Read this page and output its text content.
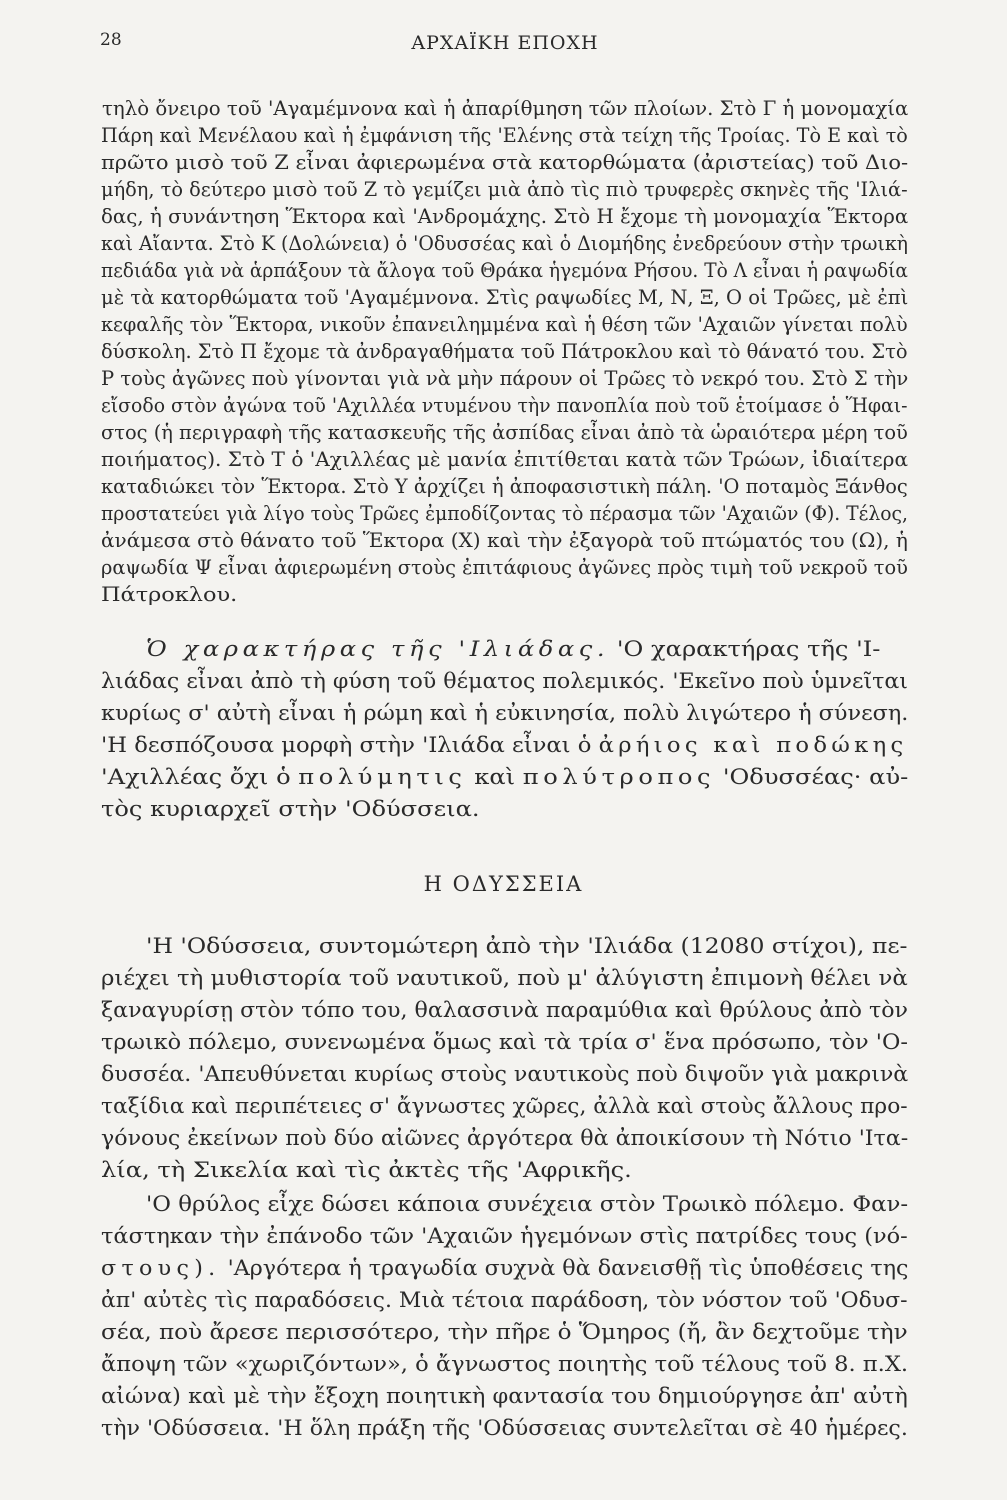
28	ΑΡΧΑΪΚΗ ΕΠΟΧΗ

τηλὸ ὄνειρο τοῦ 'Αγαμέμνονα καὶ ἡ ἀπαρίθμηση τῶν πλοίων. Στὸ Γ ἡ μονομαχία

Πάρη καὶ Μενέλαου καὶ ἡ ἐμφάνιση τῆς 'Ελένης στὰ τείχη τῆς Τροίας. Τὸ Ε καὶ τὸ

πρῶτο μισὸ τοῦ Ζ εἶναι ἀφιερωμένα στὰ κατορθώματα (ἀριστείας) τοῦ Διο-

μήδη, τὸ δεύτερο μισὸ τοῦ Ζ τὸ γεμίζει μιὰ ἀπὸ τὶς πιὸ τρυφερὲς σκηνὲς τῆς 'Ιλιά-

δας, ἡ συνάντηση Ἕκτορα καὶ 'Ανδρομάχης. Στὸ Η ἔχομε τὴ μονομαχία Ἕκτορα

καὶ Αἴαντα. Στὸ Κ (Δολώνεια) ὁ 'Οδυσσέας καὶ ὁ Διομήδης ἐνεδρεύουν στὴν τρωικὴ

πεδιάδα γιὰ νὰ ἁρπάξουν τὰ ἄλογα τοῦ Θράκα ἡγεμόνα Ρήσου. Τὸ Λ εἶναι ἡ ραψωδία

μὲ τὰ κατορθώματα τοῦ 'Αγαμέμνονα. Στὶς ραψωδίες Μ, Ν, Ξ, Ο οἱ Τρῶες, μὲ ἐπὶ

κεφαλῆς τὸν Ἕκτορα, νικοῦν ἐπανειλημμένα καὶ ἡ θέση τῶν 'Αχαιῶν γίνεται πολὺ

δύσκολη. Στὸ Π ἔχομε τὰ ἀνδραγαθήματα τοῦ Πάτροκλου καὶ τὸ θάνατό του. Στὸ

Ρ τοὺς ἀγῶνες ποὺ γίνονται γιὰ νὰ μὴν πάρουν οἱ Τρῶες τὸ νεκρό του. Στὸ Σ τὴν

εἴσοδο στὸν ἀγώνα τοῦ 'Αχιλλέα ντυμένου τὴν πανοπλία ποὺ τοῦ ἑτοίμασε ὁ Ἥφαι-

στος (ἡ περιγραφὴ τῆς κατασκευῆς τῆς ἀσπίδας εἶναι ἀπὸ τὰ ὡραιότερα μέρη τοῦ

ποιήματος). Στὸ Τ ὁ 'Αχιλλέας μὲ μανία ἐπιτίθεται κατὰ τῶν Τρώων, ἰδιαίτερα

καταδιώκει τὸν Ἕκτορα. Στὸ Υ ἀρχίζει ἡ ἀποφασιστικὴ πάλη. 'Ο ποταμὸς Ξάνθος

προστατεύει γιὰ λίγο τοὺς Τρῶες ἐμποδίζοντας τὸ πέρασμα τῶν 'Αχαιῶν (Φ). Τέλος,

ἀνάμεσα στὸ θάνατο τοῦ Ἕκτορα (Χ) καὶ τὴν ἐξαγορὰ τοῦ πτώματός του (Ω), ἡ

ραψωδία Ψ εἶναι ἀφιερωμένη στοὺς ἐπιτάφιους ἀγῶνες πρὸς τιμὴ τοῦ νεκροῦ τοῦ

Πάτροκλου.

Ὁ χαρακτήρας τῆς 'Ιλιάδας. 'Ο χαρακτήρας τῆς 'Ι-

λιάδας εἶναι ἀπὸ τὴ φύση τοῦ θέματος πολεμικός. 'Εκεῖνο ποὺ ὑμνεῖται

κυρίως σ' αὐτὴ εἶναι ἡ ρώμη καὶ ἡ εὐκινησία, πολὺ λιγώτερο ἡ σύνεση.

'Η δεσπόζουσα μορφὴ στὴν 'Ιλιάδα εἶναι ὁ ἀρήιος καὶ ποδώκης

'Αχιλλέας ὄχι ὁ πολύμητις καὶ πολύτροπος 'Οδυσσέας· αὐ-

τὸς κυριαρχεῖ στὴν 'Οδύσσεια.

Η ΟΔΥΣΣΕΙΑ

'Η 'Οδύσσεια, συντομώτερη ἀπὸ τὴν 'Ιλιάδα (12080 στίχοι), πε-

ριέχει τὴ μυθιστορία τοῦ ναυτικοῦ, ποὺ μ' ἀλύγιστη ἐπιμονὴ θέλει νὰ

ξαναγυρίσῃ στὸν τόπο του, θαλασσινὰ παραμύθια καὶ θρύλους ἀπὸ τὸν

τρωικὸ πόλεμο, συνενωμένα ὅμως καὶ τὰ τρία σ' ἕνα πρόσωπο, τὸν 'Ο-

δυσσέα. 'Απευθύνεται κυρίως στοὺς ναυτικοὺς ποὺ διψοῦν γιὰ μακρινὰ

ταξίδια καὶ περιπέτειες σ' ἄγνωστες χῶρες, ἀλλὰ καὶ στοὺς ἄλλους προ-

γόνους ἐκείνων ποὺ δύο αἰῶνες ἀργότερα θὰ ἀποικίσουν τὴ Νότιο 'Ιτα-

λία, τὴ Σικελία καὶ τὶς ἀκτὲς τῆς 'Αφρικῆς.

'Ο θρύλος εἶχε δώσει κάποια συνέχεια στὸν Τρωικὸ πόλεμο. Φαν-

τάστηκαν τὴν ἐπάνοδο τῶν 'Αχαιῶν ἡγεμόνων στὶς πατρίδες τους (νό-

στους). 'Αργότερα ἡ τραγωδία συχνὰ θὰ δανεισθῇ τὶς ὑποθέσεις της

ἀπ' αὐτὲς τὶς παραδόσεις. Μιὰ τέτοια παράδοση, τὸν νόστον τοῦ 'Οδυσ-

σέα, ποὺ ἄρεσε περισσότερο, τὴν πῆρε ὁ Ὅμηρος (ἤ, ἂν δεχτοῦμε τὴν

ἄποψη τῶν «χωριζόντων», ὁ ἄγνωστος ποιητὴς τοῦ τέλους τοῦ 8. π.Χ.

αἰώνα) καὶ μὲ τὴν ἔξοχη ποιητικὴ φαντασία του δημιούργησε ἀπ' αὐτὴ

τὴν 'Οδύσσεια. 'Η ὅλη πράξη τῆς 'Οδύσσειας συντελεῖται σὲ 40 ἡμέρες.
